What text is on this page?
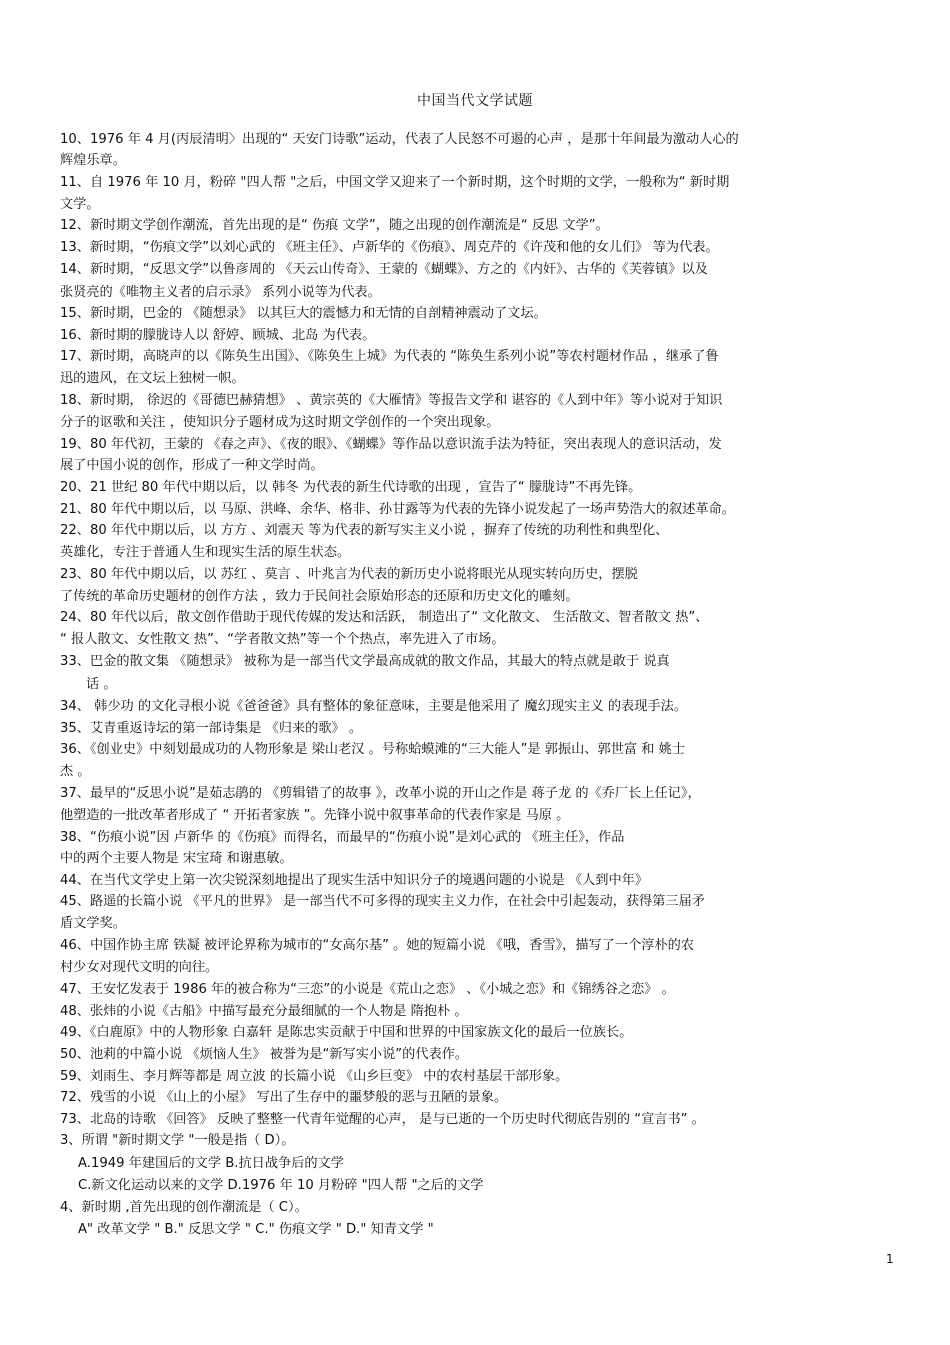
中国当代文学试题
10、1976 年 4 月(丙辰清明〉出现的“ 天安门诗歌”运动，代表了人民怒不可遏的心声 ，是那十年间最为激动人心的
辉煌乐章。
11、自 1976 年 10 月，粉碎 "四人帮 "之后，中国文学又迎来了一个新时期，这个时期的文学，一般称为“ 新时期
文学。
12、新时期文学创作潮流，首先出现的是“ 伤痕 文学”，随之出现的创作潮流是“ 反思 文学”。
13、新时期，“伤痕文学”以刘心武的 《班主任》、卢新华的《伤痕》、周克芹的《许茂和他的女儿们》 等为代表。
14、新时期，“反思文学”以鲁彦周的 《天云山传奇》、王蒙的《蝴蝶》、方之的《内奸》、古华的《芙蓉镇》以及
张贤亮的《唯物主义者的启示录》 系列小说等为代表。
15、新时期，巴金的 《随想录》 以其巨大的震憾力和无情的自剖精神震动了文坛。
16、新时期的朦胧诗人以 舒婷、顾城、北岛 为代表。
17、新时期，高晓声的以《陈奂生出国》、《陈奂生上城》为代表的 “陈奂生系列小说”等农村题材作品 ，继承了鲁
迅的遗风，在文坛上独树一帜。
18、新时期， 徐迟的《哥德巴赫猜想》 、黄宗英的《大雁情》等报告文学和 谌容的《人到中年》等小说对于知识
分子的讴歌和关注 ，使知识分子题材成为这时期文学创作的一个突出现象。
19、80 年代初，王蒙的 《春之声》、《夜的眼》、《蝴蝶》等作品以意识流手法为特征，突出表现人的意识活动，发
展了中国小说的创作，形成了一种文学时尚。
20、21 世纪 80 年代中期以后，以 韩冬 为代表的新生代诗歌的出现 ，宣告了“ 朦胧诗”不再先锋。
21、80 年代中期以后，以 马原、洪峰、余华、格非、孙甘露等为代表的先锋小说发起了一场声势浩大的叙述革命。
22、80 年代中期以后，以 方方 、刘震天 等为代表的新写实主义小说 ，摒弃了传统的功利性和典型化、
英雄化，专注于普通人生和现实生活的原生状态。
23、80 年代中期以后，以 苏红 、莫言 、叶兆言为代表的新历史小说将眼光从现实转向历史，摆脱
了传统的革命历史题材的创作方法 ，致力于民间社会原始形态的还原和历史文化的雕刻。
24、80 年代以后，散文创作借助于现代传媒的发达和活跃， 制造出了“ 文化散文、 生活散文、智者散文 热”、
“ 报人散文、女性散文 热”、“学者散文热”等一个个热点，率先进入了市场。
33、巴金的散文集 《随想录》 被称为是一部当代文学最高成就的散文作品，其最大的特点就是敢于 说真
话 。
34、 韩少功 的文化寻根小说《爸爸爸》具有整体的象征意味，主要是他采用了 魔幻现实主义 的表现手法。
35、艾青重返诗坛的第一部诗集是 《归来的歌》 。
36、《创业史》中刻划最成功的人物形象是 梁山老汉 。号称蛤蟆滩的“三大能人”是 郭振山、郭世富 和 姚士
杰 。
37、最早的“反思小说”是茹志鹃的 《剪辑错了的故事 》，改革小说的开山之作是 蒋子龙 的《乔厂长上任记》，
他塑造的一批改革者形成了 “ 开拓者家族 ”。先锋小说中叙事革命的代表作家是 马原 。
38、“伤痕小说”因 卢新华 的《伤痕》而得名，而最早的“伤痕小说”是刘心武的 《班主任》，作品
中的两个主要人物是 宋宝琦 和谢惠敏。
44、在当代文学史上第一次尖锐深刻地提出了现实生活中知识分子的境遇问题的小说是 《人到中年》
45、路遥的长篇小说 《平凡的世界》 是一部当代不可多得的现实主义力作，在社会中引起轰动，获得第三届矛
盾文学奖。
46、中国作协主席 铁凝 被评论界称为城市的“女高尔基” 。她的短篇小说 《哦，香雪》，描写了一个淳朴的农
村少女对现代文明的向往。
47、王安忆发表于 1986 年的被合称为“三恋”的小说是《荒山之恋》 、《小城之恋》和《锦绣谷之恋》 。
48、张炜的小说《古船》中描写最充分最细腻的一个人物是 隋抱朴 。
49、《白鹿原》中的人物形象 白嘉轩 是陈忠实贡献于中国和世界的中国家族文化的最后一位族长。
50、池莉的中篇小说 《烦恼人生》 被誉为是“新写实小说”的代表作。
59、刘雨生、李月辉等都是 周立波 的长篇小说 《山乡巨变》 中的农村基层干部形象。
72、残雪的小说 《山上的小屋》 写出了生存中的噩梦般的恶与丑陋的景象。
73、北岛的诗歌 《回答》 反映了整整一代青年觉醒的心声， 是与已逝的一个历史时代彻底告别的 “宣言书” 。
3、所谓 "新时期文学 "一般是指（ D）。
A.1949 年建国后的文学 B.抗日战争后的文学
C.新文化运动以来的文学 D.1976 年 10 月粉碎 "四人帮 "之后的文学
4、新时期 ,首先出现的创作潮流是（ C）。
A" 改革文学 " B." 反思文学 " C." 伤痕文学 " D." 知青文学 "
1
